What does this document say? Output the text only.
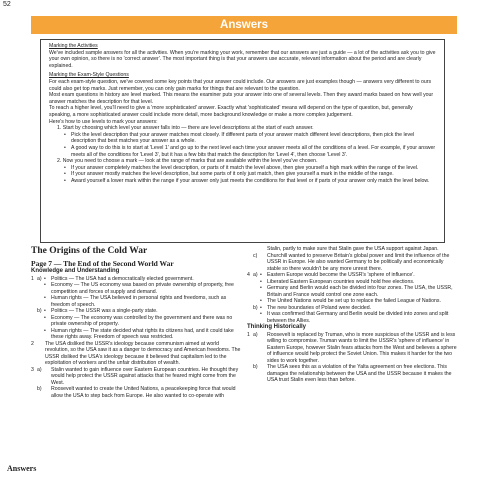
52
Answers

Marking the Activities

We've included sample answers for all the activities. When you're marking your work, remember that our answers are just a guide — a lot of the activities ask you to give your own opinion, so there is no 'correct answer'. The most important thing is that your answers use accurate, relevant information about the period and are clearly explained.

Marking the Exam-Style Questions

For each exam-style question, we've covered some key points that your answer could include. Our answers are just examples though — answers very different to ours could also get top marks. Just remember, you can only gain marks for things that are relevant to the question.

Most exam questions in history are level marked. This means the examiner puts your answer into one of several levels. Then they award marks based on how well your answer matches the description for that level.

To reach a higher level, you'll need to give a 'more sophisticated' answer. Exactly what 'sophisticated' means will depend on the type of question, but, generally speaking, a more sophisticated answer could include more detail, more background knowledge or make a more complex judgement.

Here's how to use levels to mark your answers:

1. Start by choosing which level your answer falls into — there are level descriptions at the start of each answer.

• Pick the level description that your answer matches most closely. If different parts of your answer match different level descriptions, then pick the level description that best matches your answer as a whole.

• A good way to do this is to start at 'Level 1' and go up to the next level each time your answer meets all of the conditions of a level. For example, if your answer meets all of the conditions for 'Level 3', but it has a few bits that match the description for 'Level 4', then choose 'Level 3'.

2. Now you need to choose a mark — look at the range of marks that are available within the level you've chosen.

• If your answer completely matches the level description, or parts of it match the level above, then give yourself a high mark within the range of the level.

• If your answer mostly matches the level description, but some parts of it only just match, then give yourself a mark in the middle of the range.

• Award yourself a lower mark within the range if your answer only just meets the conditions for that level or if parts of your answer only match the level below.

The Origins of the Cold War

Page 7 — The End of the Second World War

Knowledge and Understanding

1 a)	• Politics — The USA had a democratically elected government.

• Economy — The US economy was based on private ownership of property, free competition and forces of supply and demand.

• Human rights — The USA believed in personal rights and freedoms, such as freedom of speech.

b)	• Politics — The USSR was a single-party state.

• Economy — The economy was controlled by the government and there was no private ownership of property.

• Human rights — The state decided what rights its citizens had, and it could take these rights away. Freedom of speech was restricted.

2 The USA disliked the USSR's ideology because communism aimed at world revolution, so the USA saw it as a danger to democracy and American freedoms. The USSR disliked the USA's ideology because it believed that capitalism led to the exploitation of workers and the unfair distribution of wealth.
3 a)	Stalin wanted to gain influence over Eastern European countries. He thought they would help protect the USSR against attacks that he feared might come from the West.
b)	Roosevelt wanted to create the United Nations, a peacekeeping force that would allow the USA to step back from Europe. He also wanted to co-operate with

Stalin, partly to make sure that Stalin gave the USA support against Japan.

c)	Churchill wanted to preserve Britain's global power and limit the influence of the USSR in Europe. He also wanted Germany to be politically and economically stable so there wouldn't be any more unrest there.
4 a)	• Eastern Europe would become the USSR's 'sphere of influence'.

• Liberated Eastern European countries would hold free elections.

• Germany and Berlin would each be divided into four zones. The USA, the USSR, Britain and France would control one zone each.

• The United Nations would be set up to replace the failed League of Nations.

b)	• The new boundaries of Poland were decided.

• It was confirmed that Germany and Berlin would be divided into zones and split between the Allies.

Thinking Historically

1 a)	Roosevelt is replaced by Truman, who is more suspicious of the USSR and is less willing to compromise. Truman wants to limit the USSR's 'sphere of influence' in Eastern Europe, however Stalin fears attacks from the West and believes a sphere of influence would help protect the Soviet Union. This makes it harder for the two sides to work together.
b)	The USA sees this as a violation of the Yalta agreement on free elections. This damages the relationship between the USA and the USSR because it makes the USA trust Stalin even less than before.
Answers
